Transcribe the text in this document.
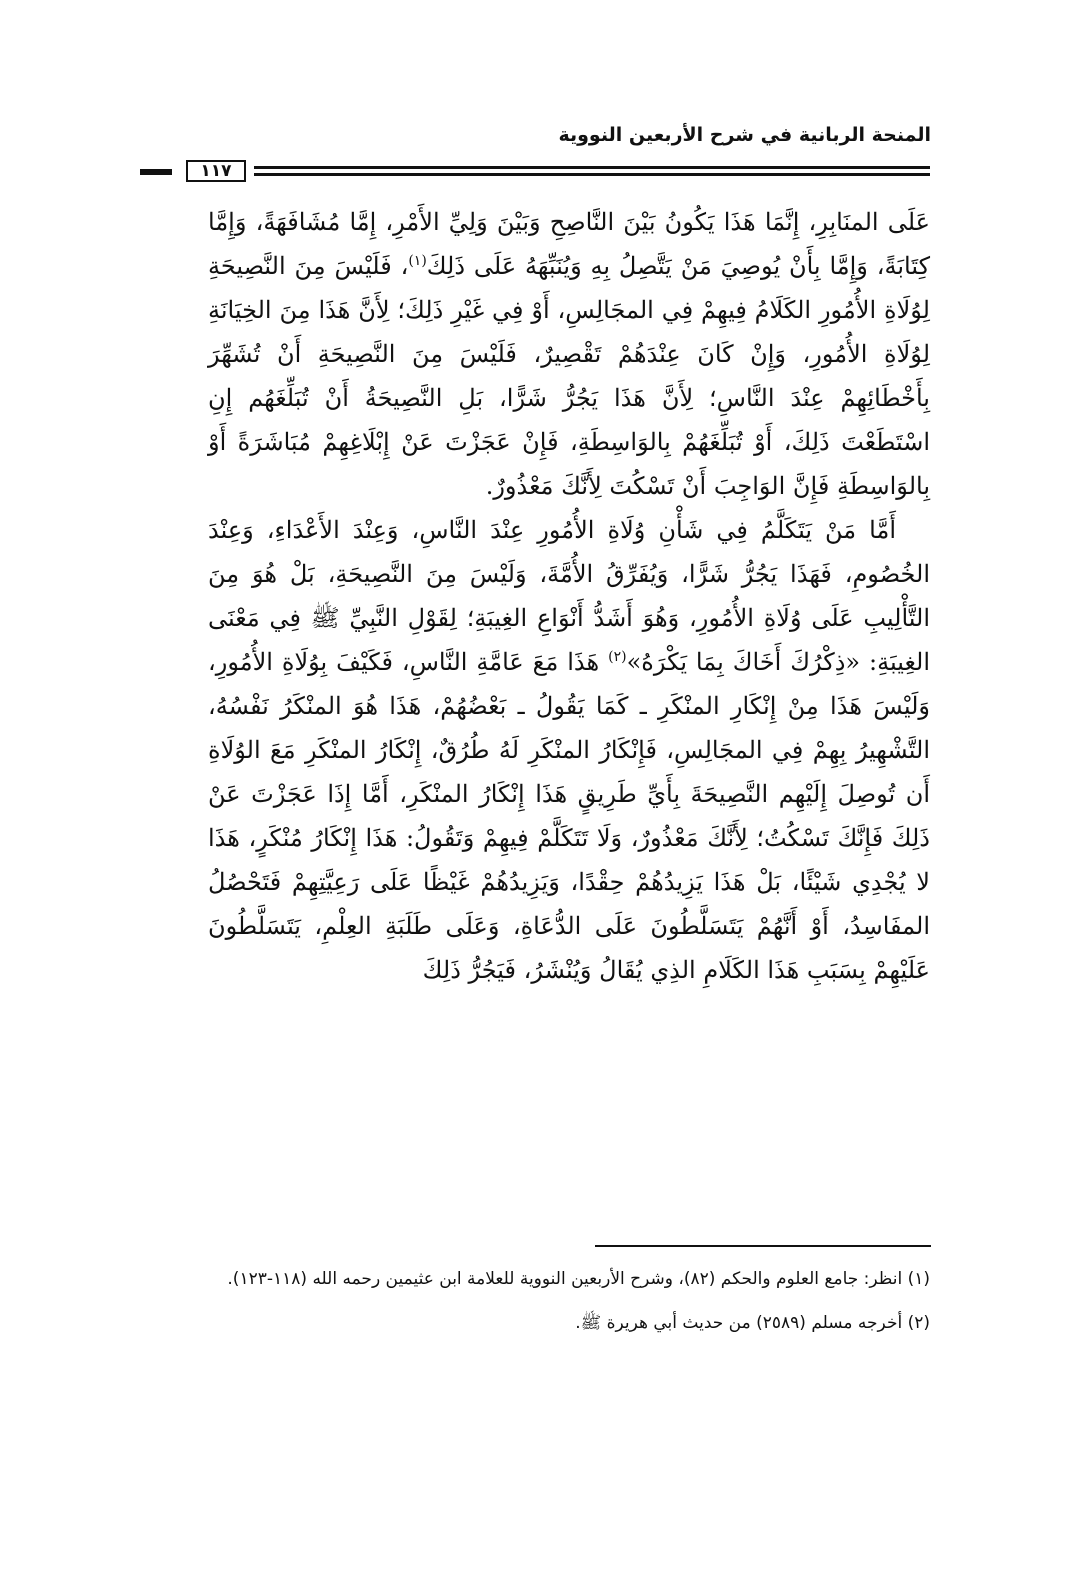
المنحة الربانية في شرح الأربعين النووية
١١٧

عَلَى المنَابِرِ، إِنَّمَا هَذَا يَكُونُ بَيْنَ النَّاصِحِ وَبَيْنَ وَلِيِّ الأَمْرِ، إِمَّا مُشَافَهَةً، وَإِمَّا كِتَابَةً، وَإِمَّا بِأَنْ يُوصِيَ مَنْ يَتَّصِلُ بِهِ وَيُنَبِّهَهُ عَلَى ذَلِكَ$^{(١)}$، فَلَيْسَ مِنَ النَّصِيحَةِ لِوُلَاةِ الأُمُورِ الكَلَامُ فِيهِمْ فِي المجَالِسِ، أَوْ فِي غَيْرِ ذَلِكَ؛ لِأَنَّ هَذَا مِنَ الخِيَانَةِ لِوُلَاةِ الأُمُورِ، وَإِنْ كَانَ عِنْدَهُمْ تَقْصِيرٌ، فَلَيْسَ مِنَ النَّصِيحَةِ أَنْ تُشَهِّرَ بِأَخْطَائِهِمْ عِنْدَ النَّاسِ؛ لِأَنَّ هَذَا يَجُرُّ شَرًّا، بَلِ النَّصِيحَةُ أَنْ تُبَلِّغَهُم إِنِ اسْتَطَعْتَ ذَلِكَ، أَوْ تُبَلِّغَهُمْ بِالوَاسِطَةِ، فَإِنْ عَجَزْتَ عَنْ إِبْلَاغِهِمْ مُبَاشَرَةً أَوْ بِالوَاسِطَةِ فَإِنَّ الوَاجِبَ أَنْ تَسْكُتَ لِأَنَّكَ مَعْذُورٌ.

أَمَّا مَنْ يَتَكَلَّمُ فِي شَأْنِ وُلَاةِ الأُمُورِ عِنْدَ النَّاسِ، وَعِنْدَ الأَعْدَاءِ، وَعِنْدَ الخُصُومِ، فَهَذَا يَجُرُّ شَرًّا، وَيُفَرِّقُ الأُمَّةَ، وَلَيْسَ مِنَ النَّصِيحَةِ، بَلْ هُوَ مِنَ التَّأْلِيبِ عَلَى وُلَاةِ الأُمُورِ، وَهُوَ أَشَدُّ أَنْوَاعِ الغِيبَةِ؛ لِقَوْلِ النَّبِيِّ ﷺ فِي مَعْنَى الغِيبَةِ: «ذِكْرُكَ أَخَاكَ بِمَا يَكْرَهُ»$^{(٢)}$ هَذَا مَعَ عَامَّةِ النَّاسِ، فَكَيْفَ بِوُلَاةِ الأُمُورِ، وَلَيْسَ هَذَا مِنْ إِنْكَارِ المنْكَرِ ـ كَمَا يَقُولُ ـ بَعْضُهُمْ، هَذَا هُوَ المنْكَرُ نَفْسُهُ، التَّشْهِيرُ بِهِمْ فِي المجَالِسِ، فَإِنْكَارُ المنْكَرِ لَهُ طُرُقٌ، إِنْكَارُ المنْكَرِ مَعَ الوُلَاةِ أَن تُوصِلَ إِلَيْهِم النَّصِيحَةَ بِأَيِّ طَرِيقٍ هَذَا إِنْكَارُ المنْكَرِ، أَمَّا إِذَا عَجَزْتَ عَنْ ذَلِكَ فَإِنَّكَ تَسْكُتُ؛ لِأَنَّكَ مَعْذُورٌ، وَلَا تَتَكَلَّمْ فِيهِمْ وَتَقُولُ: هَذَا إِنْكَارُ مُنْكَرٍ، هَذَا لا يُجْدِي شَيْئًا، بَلْ هَذَا يَزِيدُهُمْ حِقْدًا، وَيَزِيدُهُمْ غَيْظًا عَلَى رَعِيَّتِهِمْ فَتَحْصُلُ المفَاسِدُ، أَوْ أَنَّهُمْ يَتَسَلَّطُونَ عَلَى الدُّعَاةِ، وَعَلَى طَلَبَةِ العِلْمِ، يَتَسَلَّطُونَ عَلَيْهِمْ بِسَبَبِ هَذَا الكَلَامِ الذِي يُقَالُ وَيُنْشَرُ، فَيَجُرُّ ذَلِكَ

(١) انظر: جامع العلوم والحكم (٨٢)، وشرح الأربعين النووية للعلامة ابن عثيمين رحمه الله (١١٨-١٢٣).

(٢) أخرجه مسلم (٢٥٨٩) من حديث أبي هريرة ﷺ.
